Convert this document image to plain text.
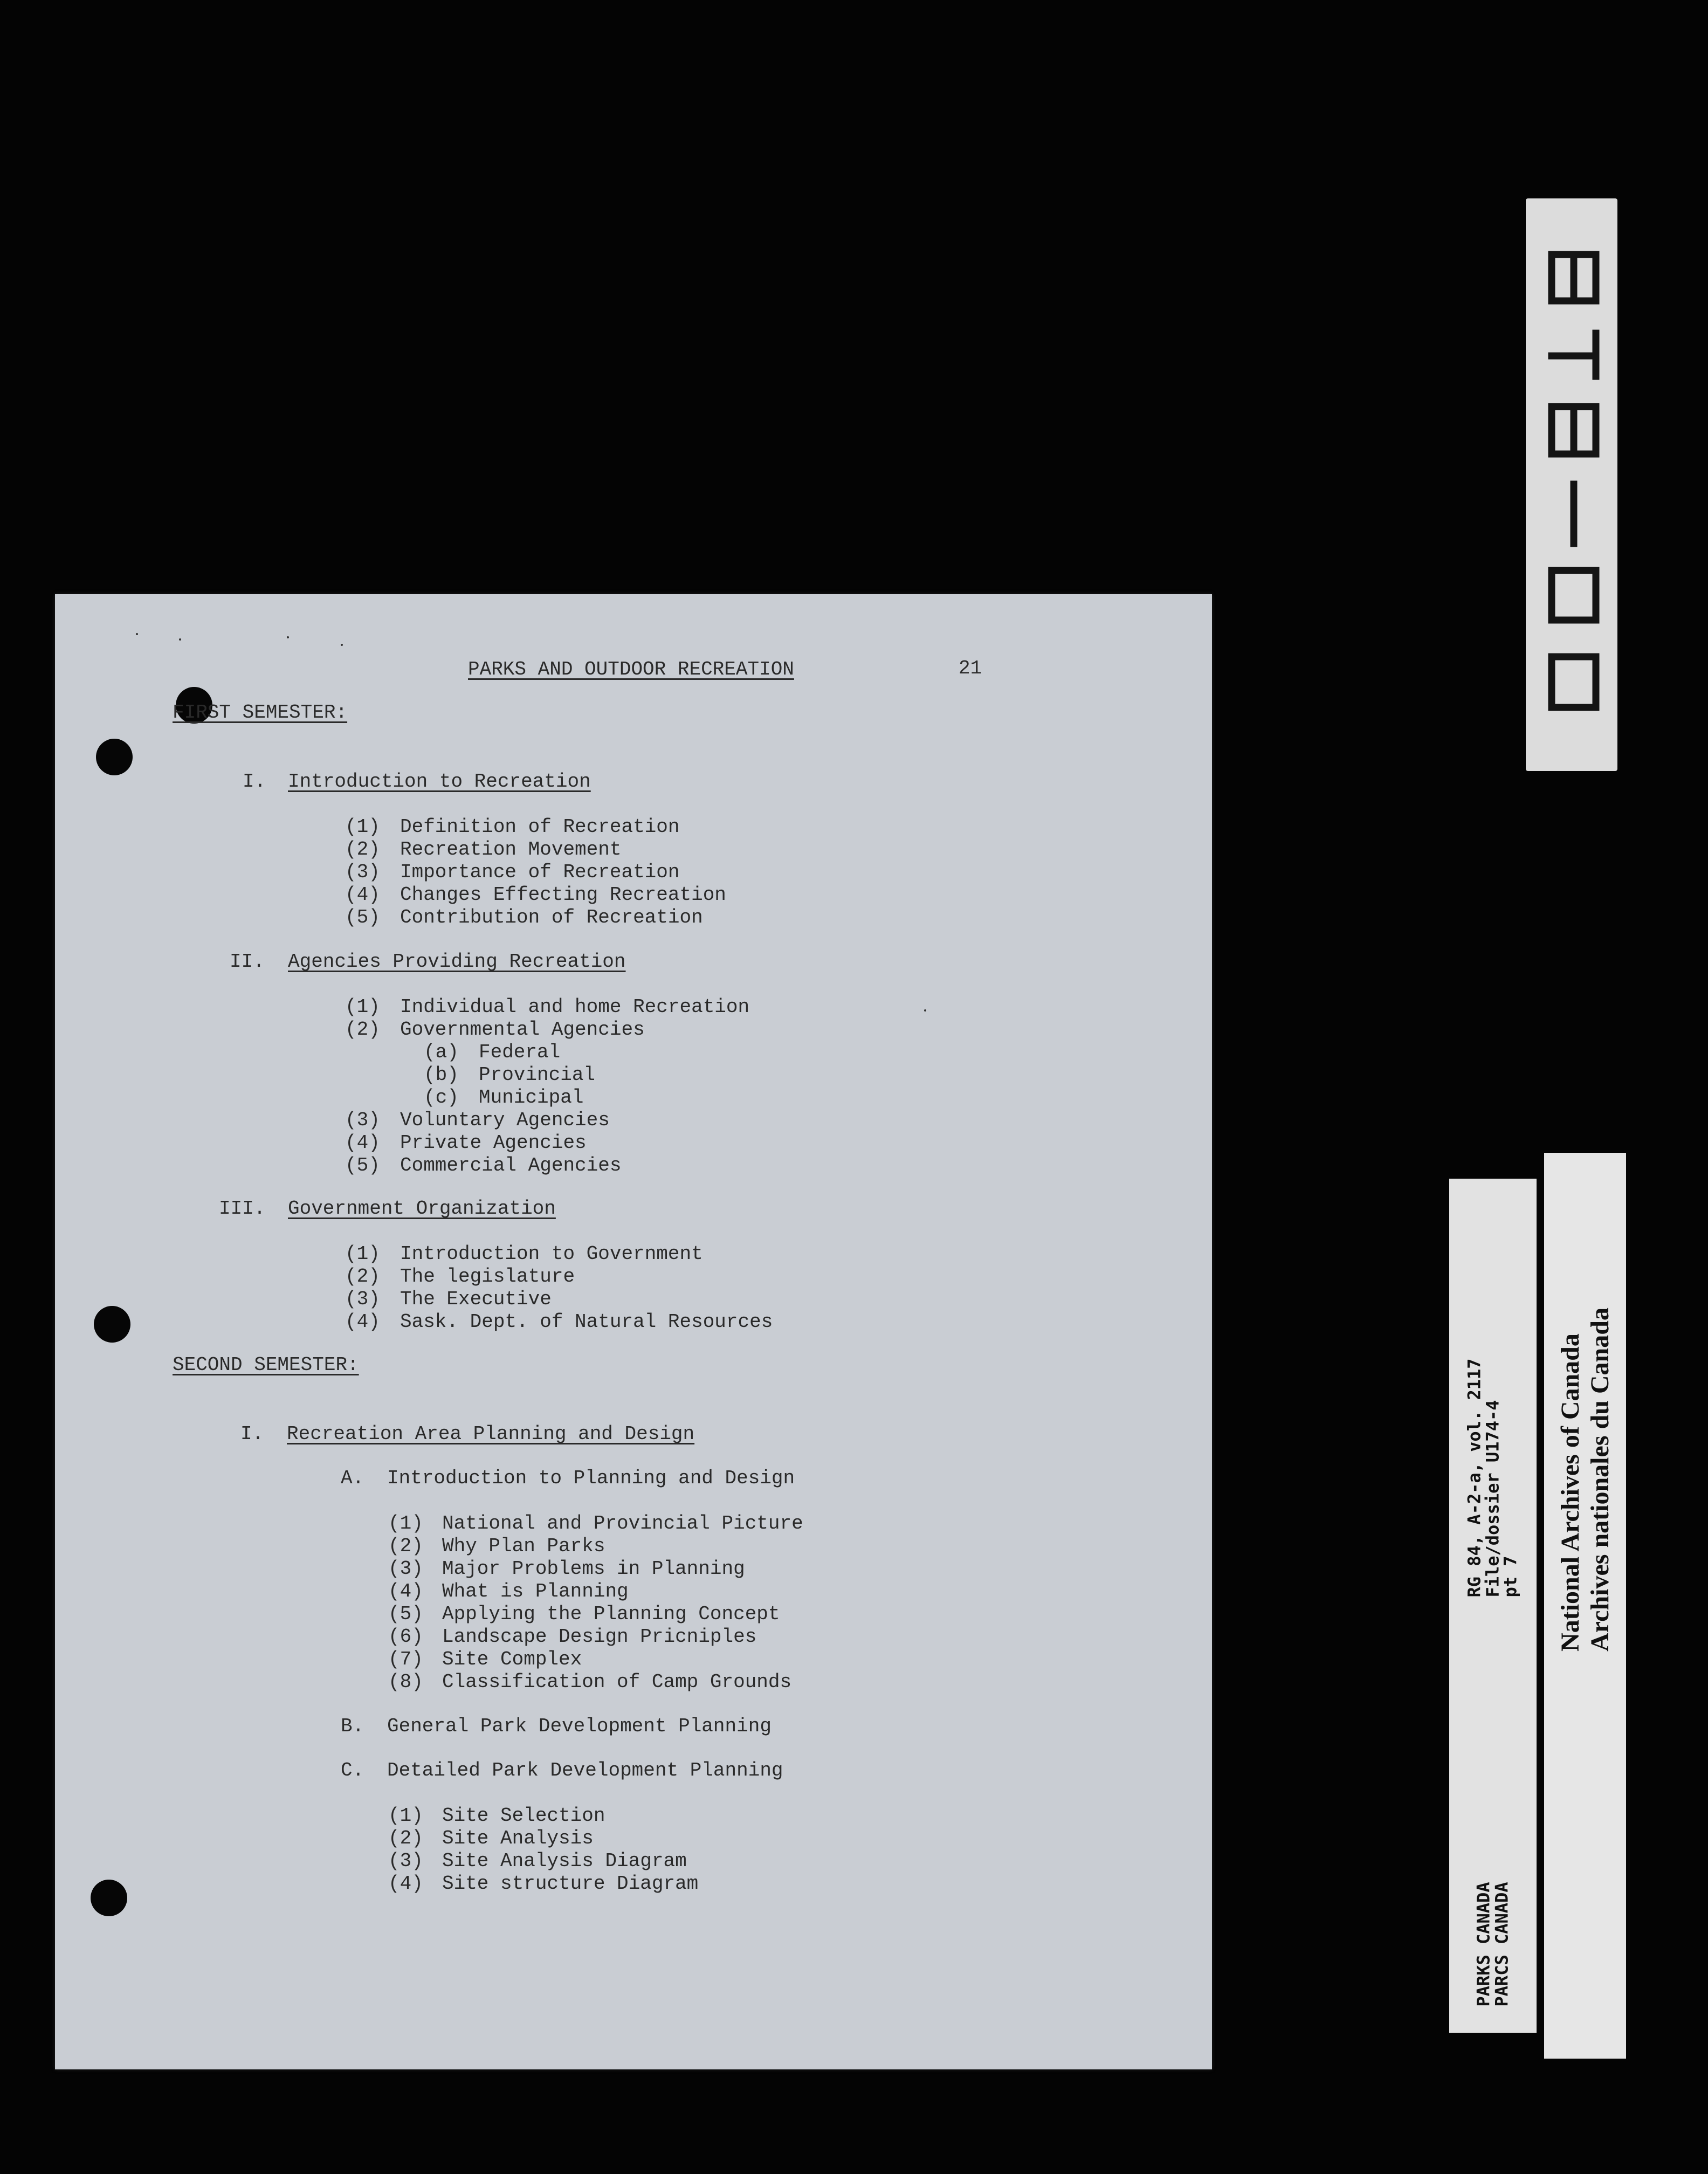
PARKS AND OUTDOOR RECREATION	21
FIRST SEMESTER:
I. Introduction to Recreation
(1) Definition of Recreation
(2) Recreation Movement
(3) Importance of Recreation
(4) Changes Effecting Recreation
(5) Contribution of Recreation
II. Agencies Providing Recreation
(1) Individual and home Recreation
(2) Governmental Agencies
(a) Federal
(b) Provincial
(c) Municipal
(3) Voluntary Agencies
(4) Private Agencies
(5) Commercial Agencies
III. Government Organization
(1) Introduction to Government
(2) The legislature
(3) The Executive
(4) Sask. Dept. of Natural Resources
SECOND SEMESTER:
I. Recreation Area Planning and Design
A. Introduction to Planning and Design
(1) National and Provincial Picture
(2) Why Plan Parks
(3) Major Problems in Planning
(4) What is Planning
(5) Applying the Planning Concept
(6) Landscape Design Pricniples
(7) Site Complex
(8) Classification of Camp Grounds
B. General Park Development Planning
C. Detailed Park Development Planning
(1) Site Selection
(2) Site Analysis
(3) Site Analysis Diagram
(4) Site structure Diagram
RG 84, A-2-a, vol. 2117
File/dossier U174-4
pt 7
PARKS CANADA
PARCS CANADA
National Archives of Canada Archives nationales du Canada
